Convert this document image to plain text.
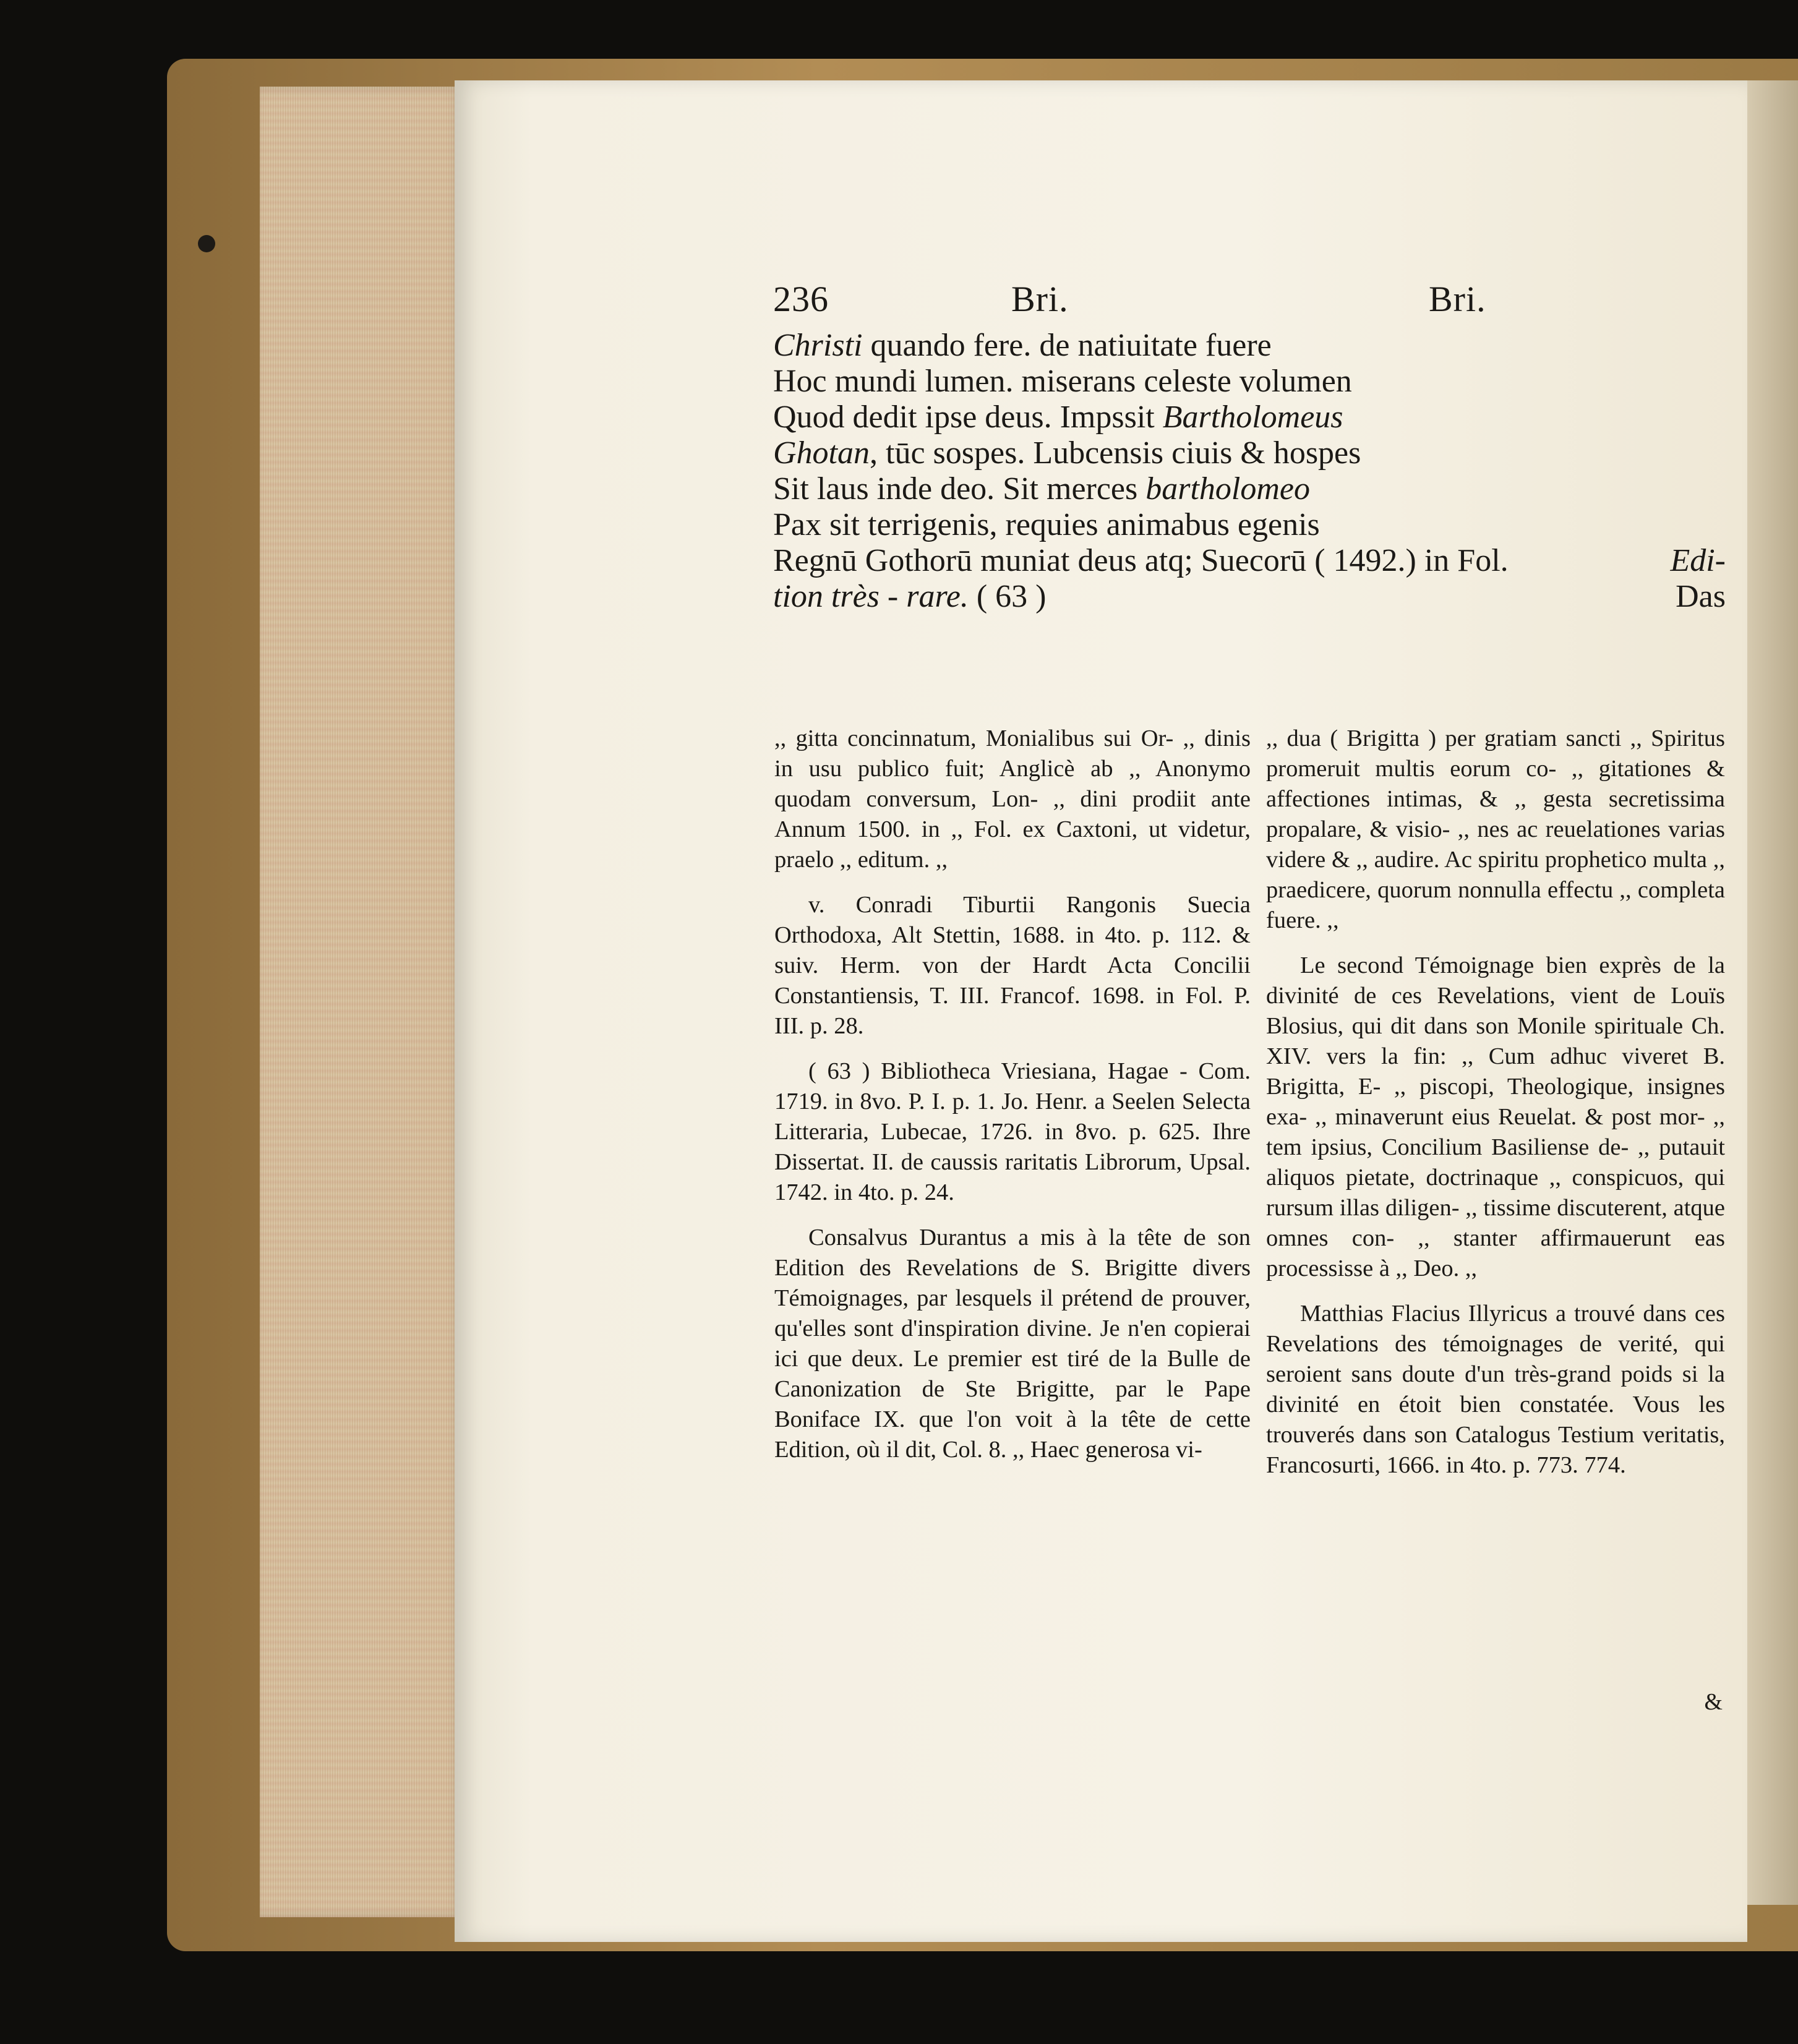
236	Bri.	Bri.
Christi quando fere. de natiuitate fuere
Hoc mundi lumen. miserans celeste volumen
Quod dedit ipse deus. Impssit Bartholomeus
Ghotan, tūc sospes. Lubcensis ciuis & hospes
Sit laus inde deo. Sit merces bartholomeo
Pax sit terrigenis, requies animabus egenis
Regnū Gothorū muniat deus atq; Suecorū ( 1492.) in Fol.	Edi-
tion très - rare. ( 63 )	Das

,, gitta concinnatum, Monialibus sui Or- ,, dinis in usu publico fuit; Anglicè ab ,, Anonymo quodam conversum, Lon- ,, dini prodiit ante Annum 1500. in ,, Fol. ex Caxtoni, ut videtur, praelo ,, editum. ,,

v. Conradi Tiburtii Rangonis Suecia Orthodoxa, Alt Stettin, 1688. in 4to. p. 112. & suiv. Herm. von der Hardt Acta Concilii Constantiensis, T. III. Francof. 1698. in Fol. P. III. p. 28.

( 63 ) Bibliotheca Vriesiana, Hagae - Com. 1719. in 8vo. P. I. p. 1. Jo. Henr. a Seelen Selecta Litteraria, Lubecae, 1726. in 8vo. p. 625. Ihre Dissertat. II. de caussis raritatis Librorum, Upsal. 1742. in 4to. p. 24.

Consalvus Durantus a mis à la tête de son Edition des Revelations de S. Brigitte divers Témoignages, par lesquels il prétend de prouver, qu'elles sont d'inspiration divine. Je n'en copierai ici que deux. Le premier est tiré de la Bulle de Canonization de Ste Brigitte, par le Pape Boniface IX. que l'on voit à la tête de cette Edition, où il dit, Col. 8. ,, Haec generosa vi-

,, dua ( Brigitta ) per gratiam sancti ,, Spiritus promeruit multis eorum co- ,, gitationes & affectiones intimas, & ,, gesta secretissima propalare, & visio- ,, nes ac reuelationes varias videre & ,, audire. Ac spiritu prophetico multa ,, praedicere, quorum nonnulla effectu ,, completa fuere. ,,

Le second Témoignage bien exprès de la divinité de ces Revelations, vient de Louïs Blosius, qui dit dans son Monile spirituale Ch. XIV. vers la fin: ,, Cum adhuc viveret B. Brigitta, E- ,, piscopi, Theologique, insignes exa- ,, minaverunt eius Reuelat. & post mor- ,, tem ipsius, Concilium Basiliense de- ,, putauit aliquos pietate, doctrinaque ,, conspicuos, qui rursum illas diligen- ,, tissime discuterent, atque omnes con- ,, stanter affirmauerunt eas processisse à ,, Deo. ,,

Matthias Flacius Illyricus a trouvé dans ces Revelations des témoignages de verité, qui seroient sans doute d'un très-grand poids si la divinité en étoit bien constatée. Vous les trouverés dans son Catalogus Testium veritatis, Francosurti, 1666. in 4to. p. 773. 774.

&
